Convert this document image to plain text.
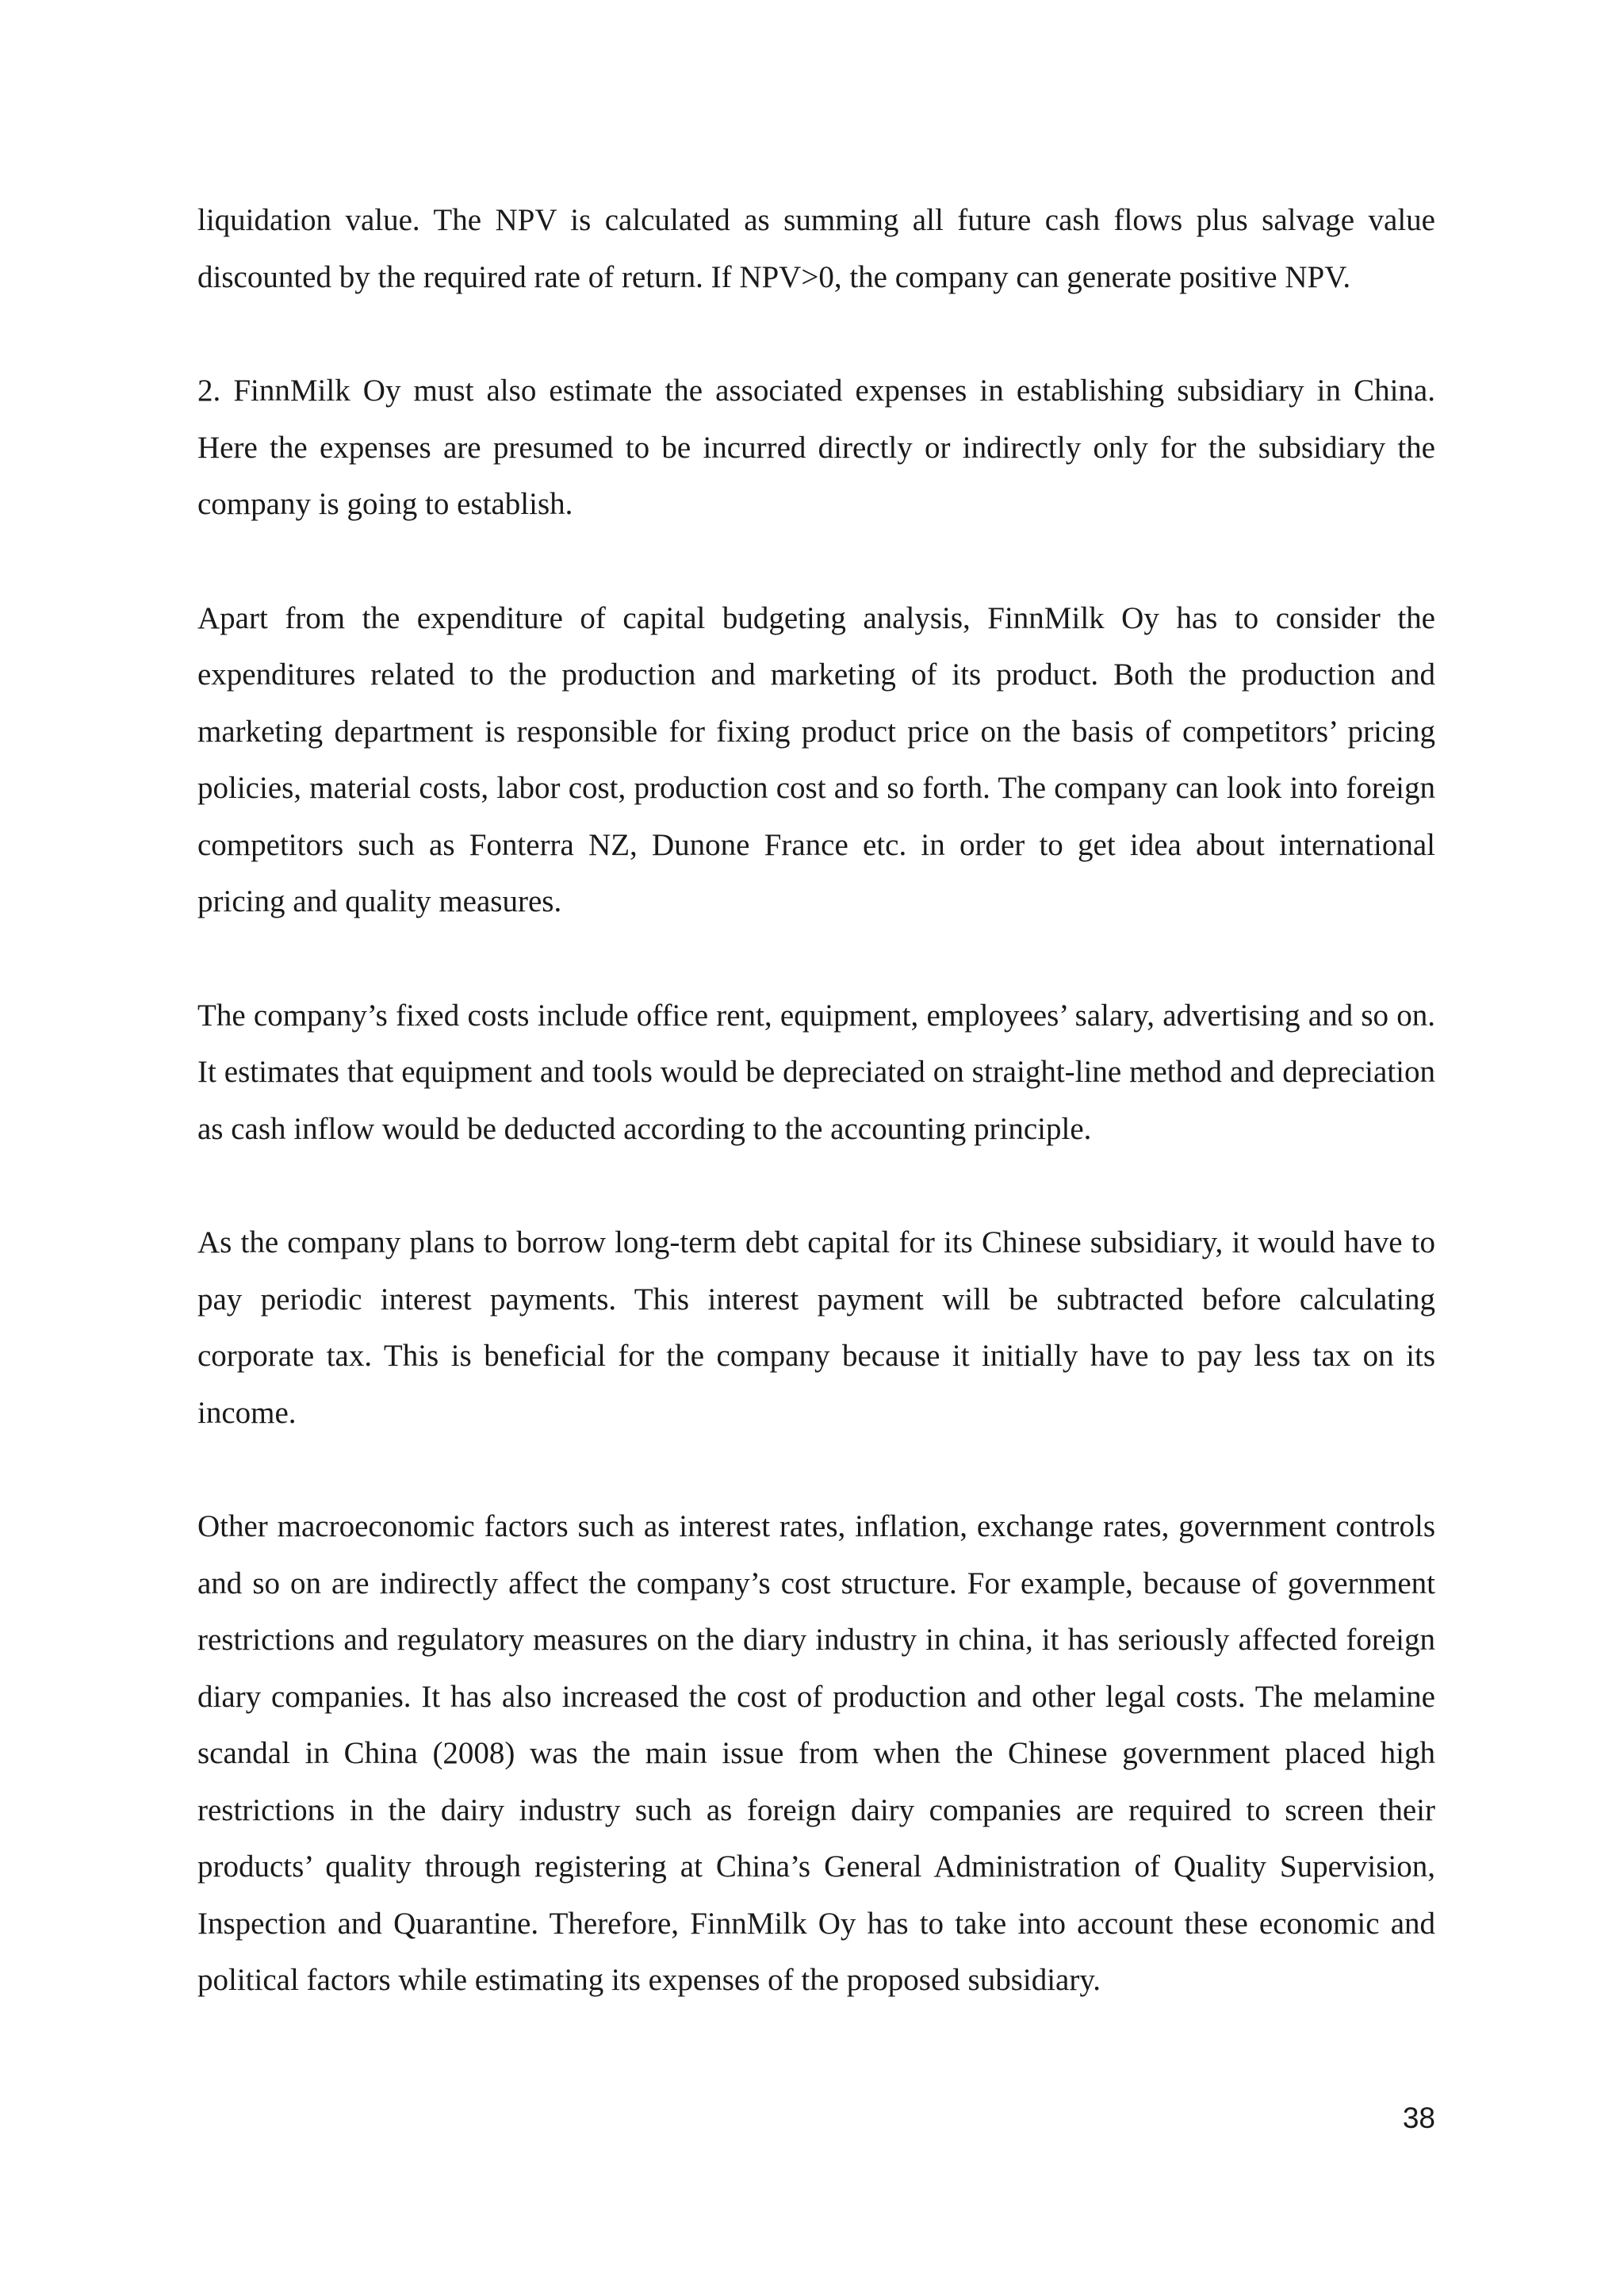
liquidation value. The NPV is calculated as summing all future cash flows plus salvage value discounted by the required rate of return. If NPV>0, the company can generate positive NPV.

2. FinnMilk Oy must also estimate the associated expenses in establishing subsidiary in China. Here the expenses are presumed to be incurred directly or indirectly only for the subsidiary the company is going to establish.

Apart from the expenditure of capital budgeting analysis, FinnMilk Oy has to consider the expenditures related to the production and marketing of its product. Both the production and marketing department is responsible for fixing product price on the basis of competitors’ pricing policies, material costs, labor cost, production cost and so forth. The company can look into foreign competitors such as Fonterra NZ, Dunone France etc. in order to get idea about international pricing and quality measures.

The company’s fixed costs include office rent, equipment, employees’ salary, advertising and so on. It estimates that equipment and tools would be depreciated on straight-line method and depreciation as cash inflow would be deducted according to the accounting principle.

As the company plans to borrow long-term debt capital for its Chinese subsidiary, it would have to pay periodic interest payments. This interest payment will be subtracted before calculating corporate tax. This is beneficial for the company because it initially have to pay less tax on its income.

Other macroeconomic factors such as interest rates, inflation, exchange rates, government controls and so on are indirectly affect the company’s cost structure. For example, because of government restrictions and regulatory measures on the diary industry in china, it has seriously affected foreign diary companies. It has also increased the cost of production and other legal costs. The melamine scandal in China (2008) was the main issue from when the Chinese government placed high restrictions in the dairy industry such as foreign dairy companies are required to screen their products’ quality through registering at China’s General Administration of Quality Supervision, Inspection and Quarantine. Therefore, FinnMilk Oy has to take into account these economic and political factors while estimating its expenses of the proposed subsidiary.

38
